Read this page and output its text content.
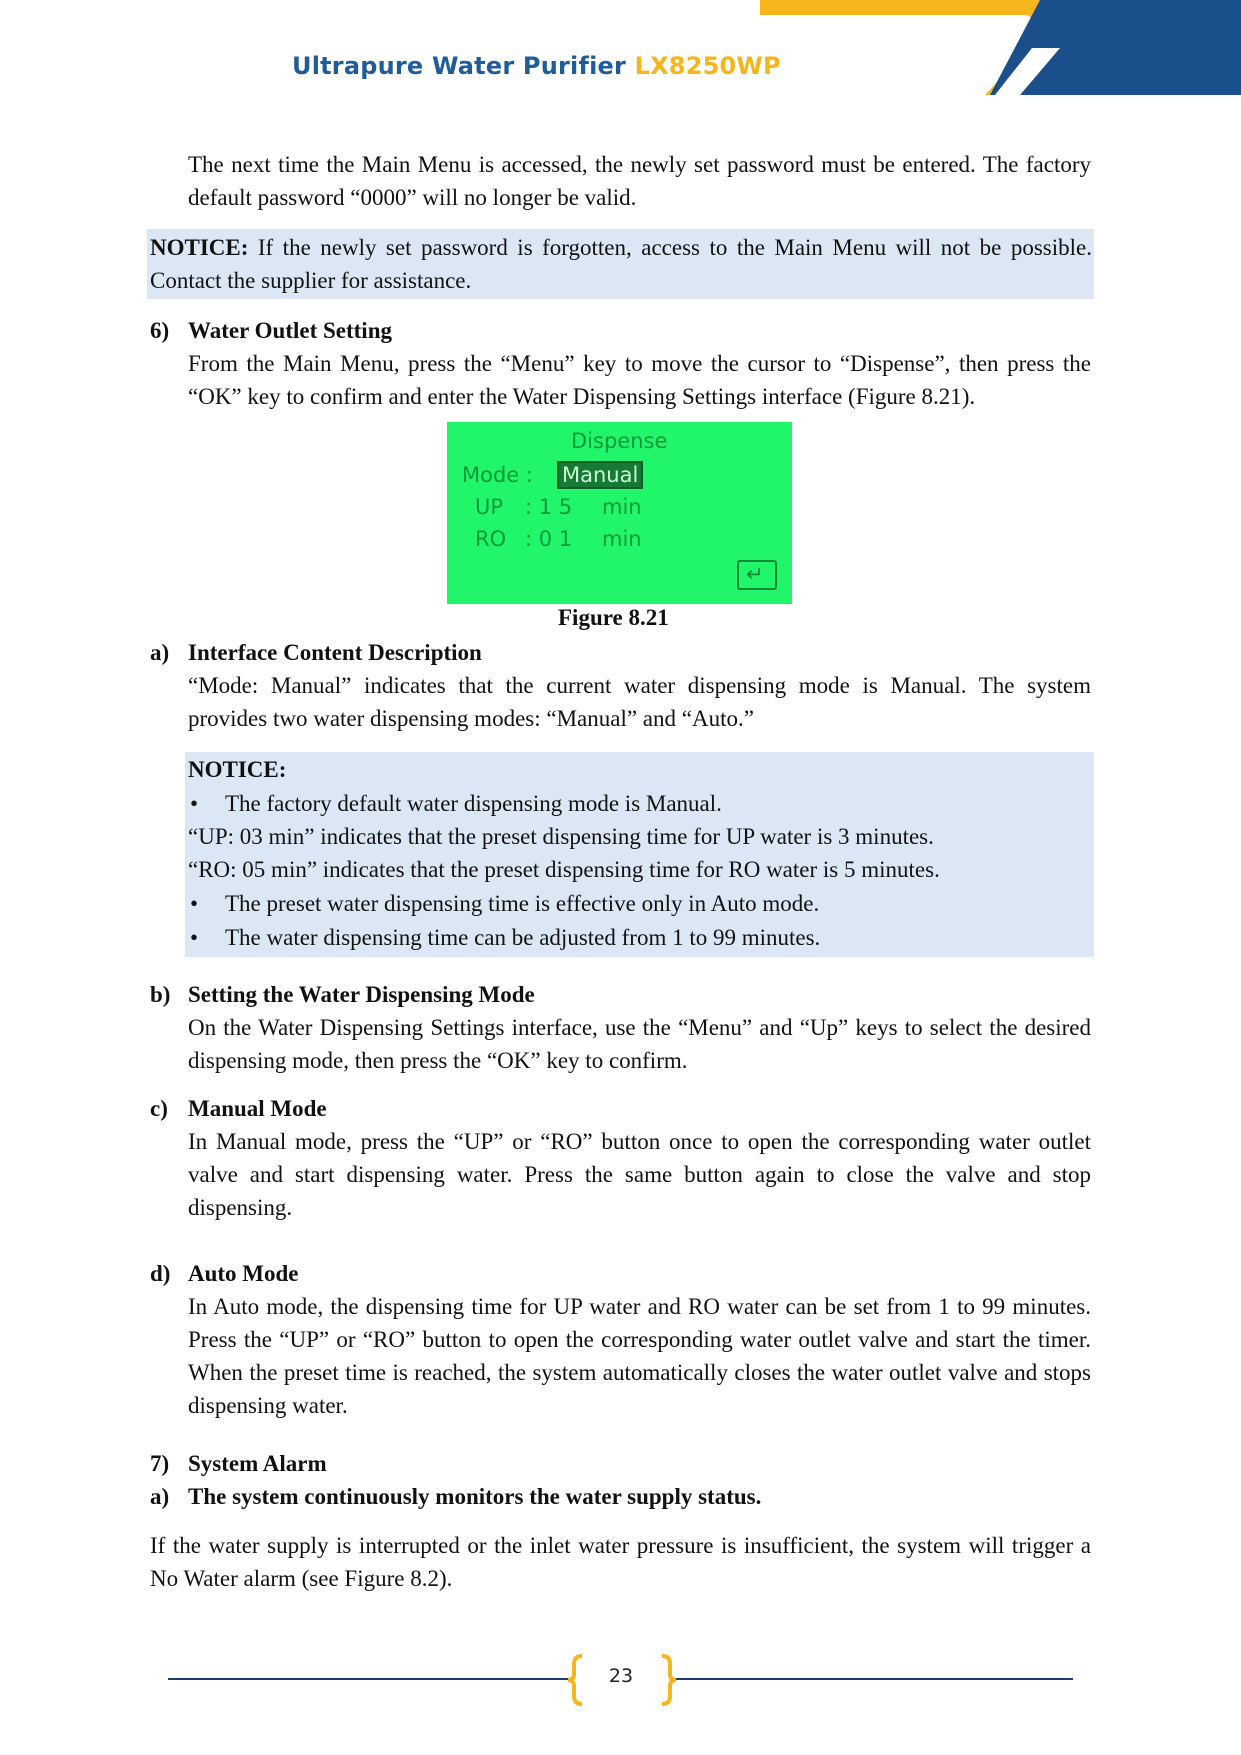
Ultrapure Water Purifier LX8250WP
The next time the Main Menu is accessed, the newly set password must be entered. The factory default password “0000” will no longer be valid.
NOTICE: If the newly set password is forgotten, access to the Main Menu will not be possible. Contact the supplier for assistance.
6) Water Outlet Setting
From the Main Menu, press the “Menu” key to move the cursor to “Dispense”, then press the “OK” key to confirm and enter the Water Dispensing Settings interface (Figure 8.21).
Dispense
Mode : Manual
UP : 1 5 min
RO : 0 1 min
↵
Figure 8.21
a) Interface Content Description
“Mode: Manual” indicates that the current water dispensing mode is Manual. The system provides two water dispensing modes: “Manual” and “Auto.”
NOTICE:
• The factory default water dispensing mode is Manual.
“UP: 03 min” indicates that the preset dispensing time for UP water is 3 minutes.
“RO: 05 min” indicates that the preset dispensing time for RO water is 5 minutes.
• The preset water dispensing time is effective only in Auto mode.
• The water dispensing time can be adjusted from 1 to 99 minutes.
b) Setting the Water Dispensing Mode
On the Water Dispensing Settings interface, use the “Menu” and “Up” keys to select the desired dispensing mode, then press the “OK” key to confirm.
c) Manual Mode
In Manual mode, press the “UP” or “RO” button once to open the corresponding water outlet valve and start dispensing water. Press the same button again to close the valve and stop dispensing.
d) Auto Mode
In Auto mode, the dispensing time for UP water and RO water can be set from 1 to 99 minutes. Press the “UP” or “RO” button to open the corresponding water outlet valve and start the timer. When the preset time is reached, the system automatically closes the water outlet valve and stops dispensing water.
7) System Alarm
a) The system continuously monitors the water supply status.
If the water supply is interrupted or the inlet water pressure is insufficient, the system will trigger a No Water alarm (see Figure 8.2).
23
